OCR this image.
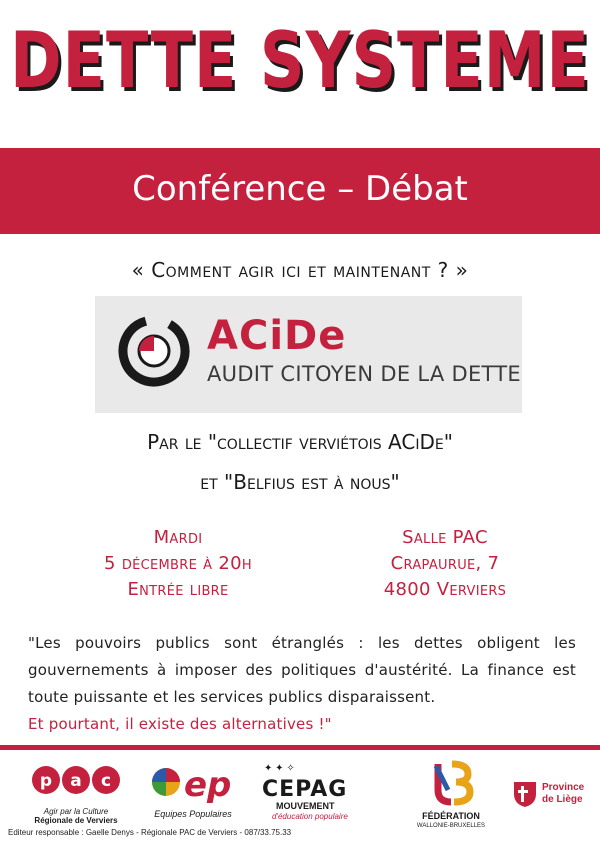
DETTE SYSTEME
Conférence – Débat
« Comment agir ici et maintenant ? »
ACiDe
AUDIT CITOYEN DE LA DETTE
Par le "collectif verviétois ACiDe"
et "Belfius est à nous"
Mardi
5 décembre à 20h
Entrée libre
Salle PAC
Crapaurue, 7
4800 Verviers
"Les pouvoirs publics sont étranglés : les dettes obligent les gouvernements à imposer des politiques d'austérité. La finance est toute puissante et les services publics disparaissent.
Et pourtant, il existe des alternatives !"
p a c
Agir par la Culture
Régionale de Verviers
ep
Equipes Populaires
✦ ✦ ✧
CEPAG
MOUVEMENT
d'éducation populaire	FÉDÉRATION
WALLONIE-BRUXELLES
Province
de Liège
Editeur responsable : Gaelle Denys - Régionale PAC de Verviers - 087/33.75.33
